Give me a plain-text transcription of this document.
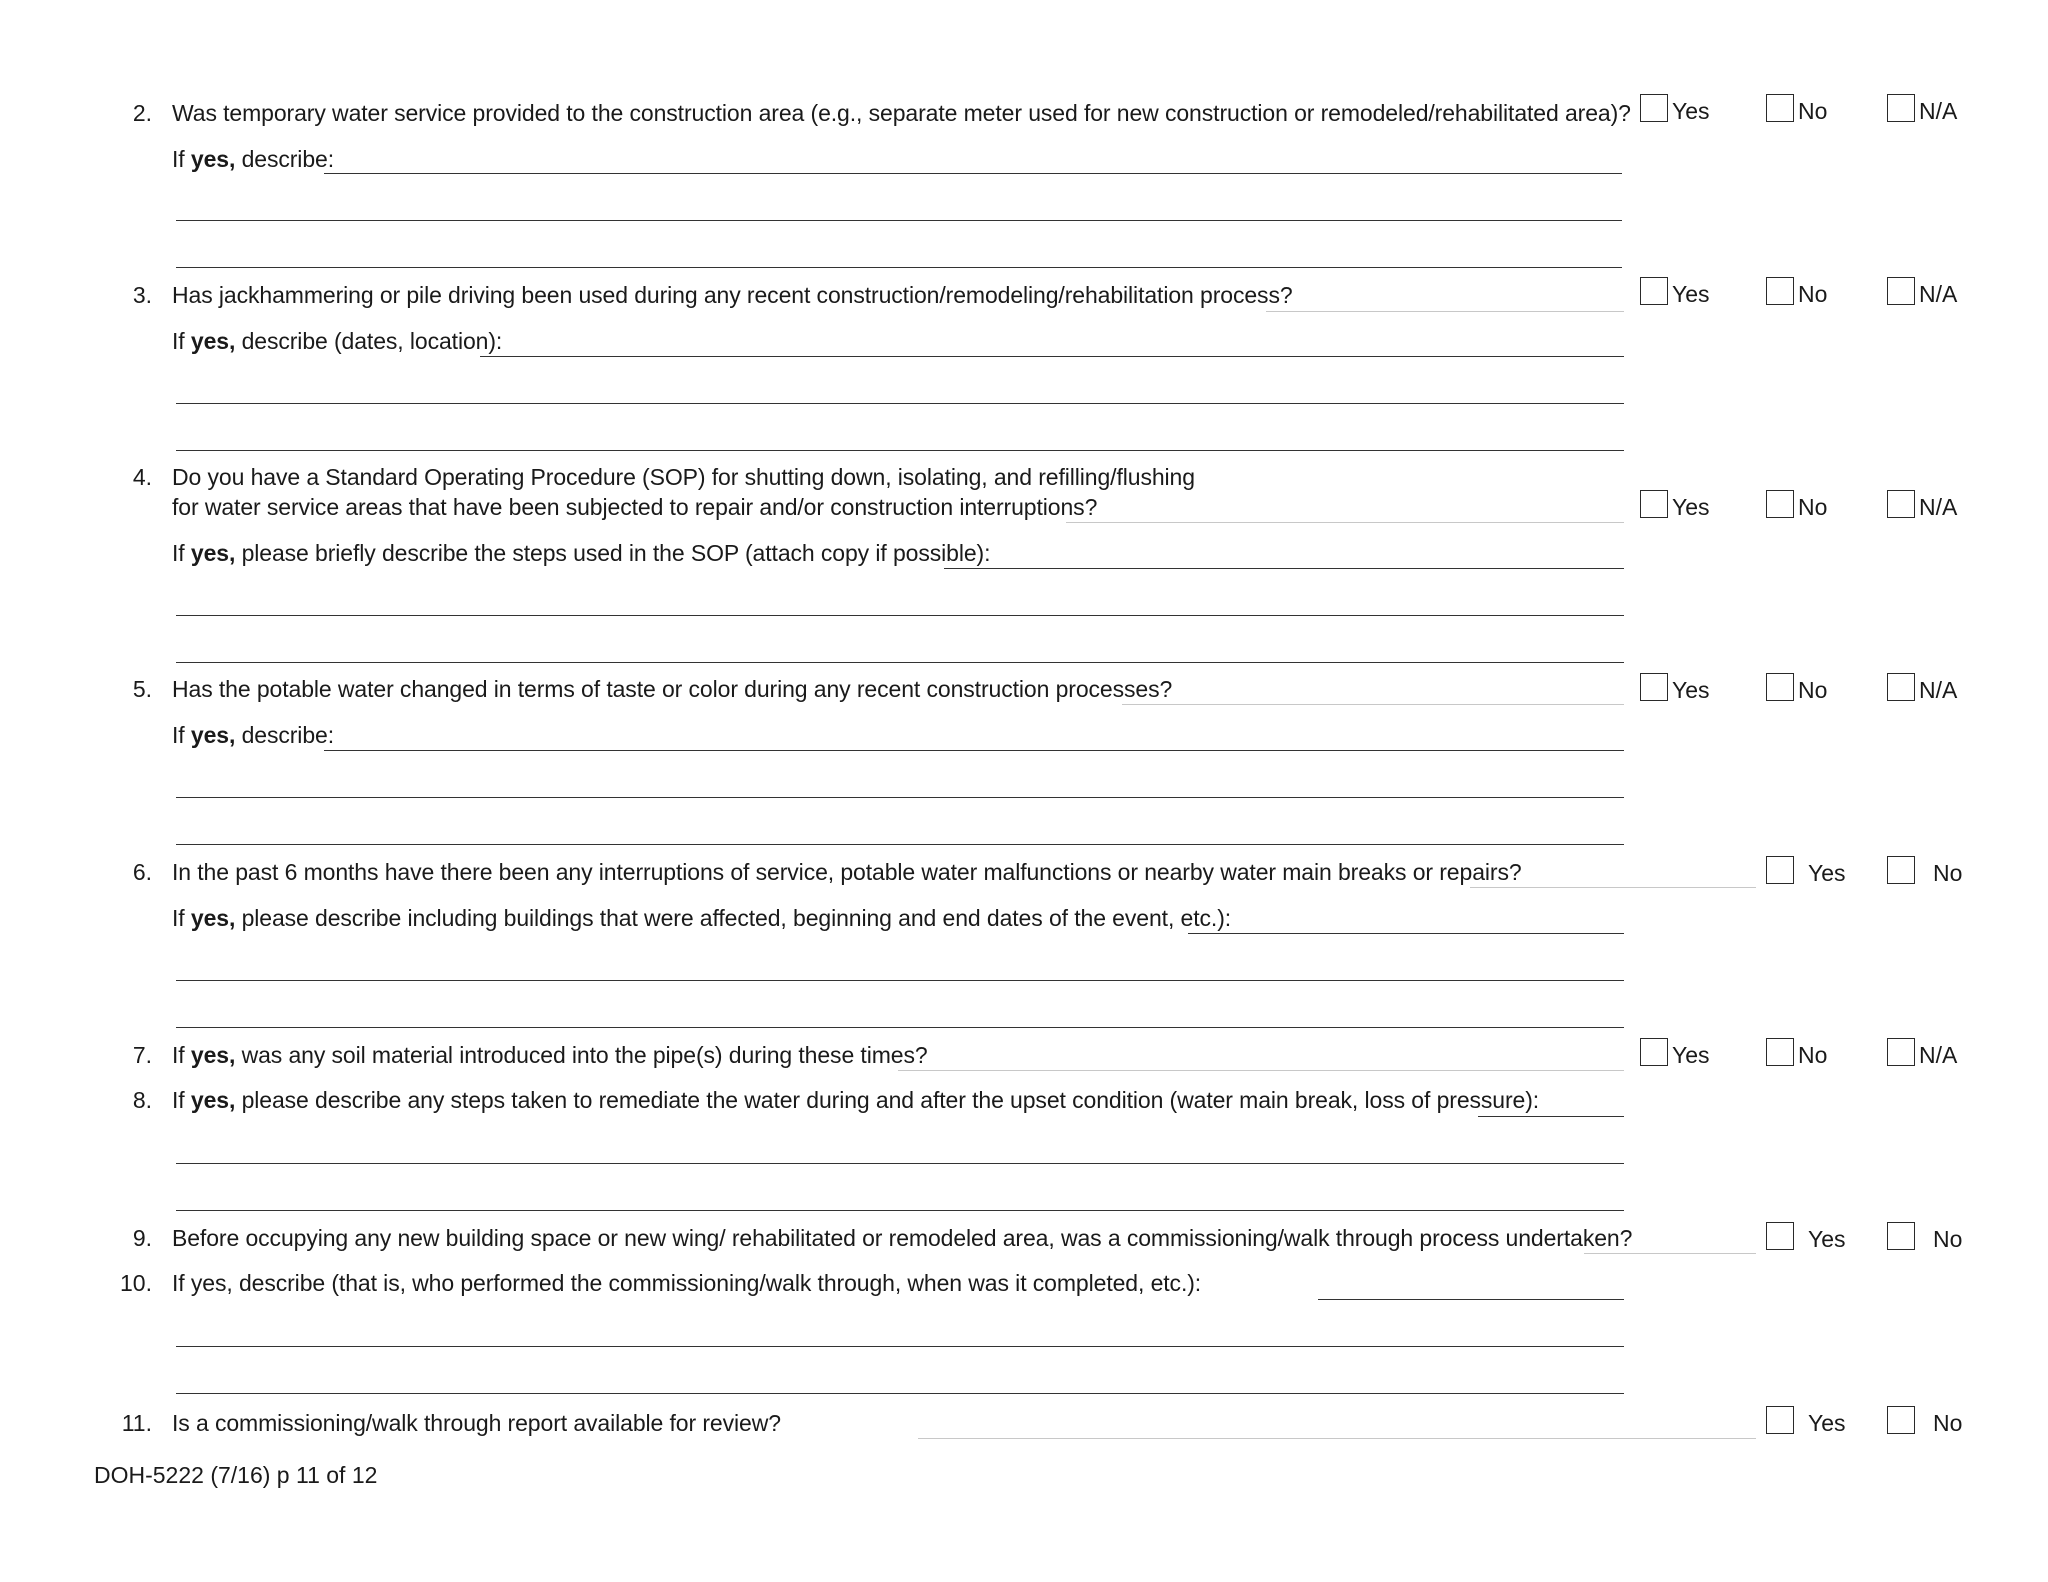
2. Was temporary water service provided to the construction area (e.g., separate meter used for new construction or remodeled/rehabilitated area)? Yes	No	N/A
If yes, describe:
3. Has jackhammering or pile driving been used during any recent construction/remodeling/rehabilitation process?	Yes	No	N/A
If yes, describe (dates, location):
4. Do you have a Standard Operating Procedure (SOP) for shutting down, isolating, and refilling/flushing
for water service areas that have been subjected to repair and/or construction interruptions?	Yes	No	N/A
If yes, please briefly describe the steps used in the SOP (attach copy if possible):
5. Has the potable water changed in terms of taste or color during any recent construction processes?	Yes	No	N/A
If yes, describe:
6. In the past 6 months have there been any interruptions of service, potable water malfunctions or nearby water main breaks or repairs?	Yes	No
If yes, please describe including buildings that were affected, beginning and end dates of the event, etc.):
7. If yes, was any soil material introduced into the pipe(s) during these times?	Yes	No	N/A
8. If yes, please describe any steps taken to remediate the water during and after the upset condition (water main break, loss of pressure):
9. Before occupying any new building space or new wing/ rehabilitated or remodeled area, was a commissioning/walk through process undertaken?	Yes	No
10. If yes, describe (that is, who performed the commissioning/walk through, when was it completed, etc.):
11. Is a commissioning/walk through report available for review?	Yes	No
DOH-5222 (7/16) p 11 of 12
